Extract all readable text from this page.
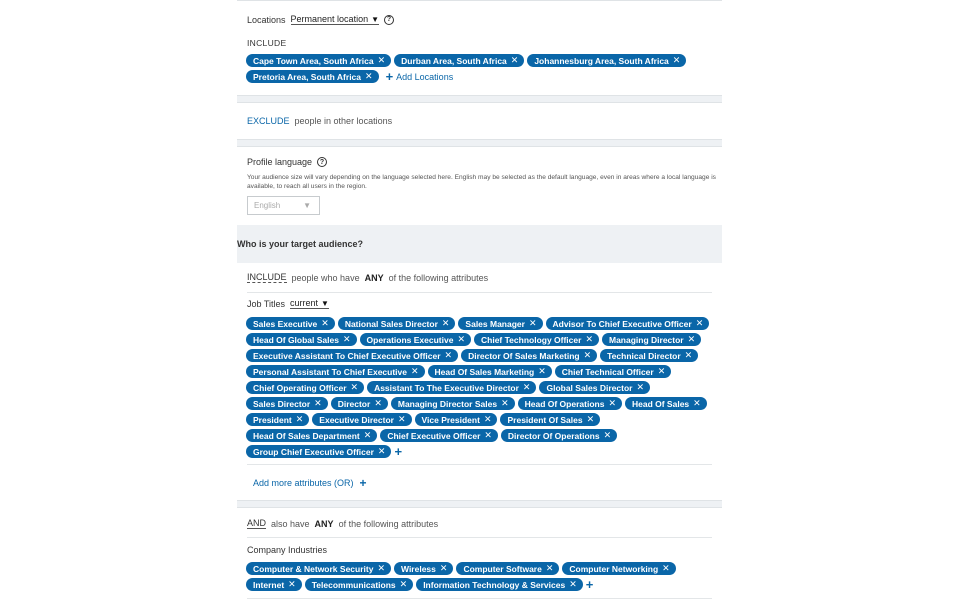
Locations Permanent location ▼	?
INCLUDE
Cape Town Area, South Africa ✕ Durban Area, South Africa ✕ Johannesburg Area, South Africa ✕
Pretoria Area, South Africa ✕ + Add Locations
EXCLUDE people in other locations
Profile language	?
Your audience size will vary depending on the language selected here. English may be selected as the default language, even in areas where a local language is available, to reach all users in the region.
English	▼
Who is your target audience?
INCLUDE people who have ANY of the following attributes
Job Titles current ▼
Sales Executive ✕ National Sales Director ✕ Sales Manager ✕ Advisor To Chief Executive Officer ✕
Head Of Global Sales ✕ Operations Executive ✕ Chief Technology Officer ✕ Managing Director ✕
Executive Assistant To Chief Executive Officer ✕ Director Of Sales Marketing ✕ Technical Director ✕
Personal Assistant To Chief Executive ✕ Head Of Sales Marketing ✕ Chief Technical Officer ✕
Chief Operating Officer ✕ Assistant To The Executive Director ✕ Global Sales Director ✕
Sales Director ✕ Director ✕ Managing Director Sales ✕ Head Of Operations ✕ Head Of Sales ✕
President ✕ Executive Director ✕ Vice President ✕ President Of Sales ✕
Head Of Sales Department ✕ Chief Executive Officer ✕ Director Of Operations ✕
Group Chief Executive Officer ✕ +
Add more attributes (OR) +
AND also have ANY of the following attributes
Company Industries
Computer & Network Security ✕ Wireless ✕ Computer Software ✕ Computer Networking ✕
Internet ✕ Telecommunications ✕ Information Technology & Services ✕ +
